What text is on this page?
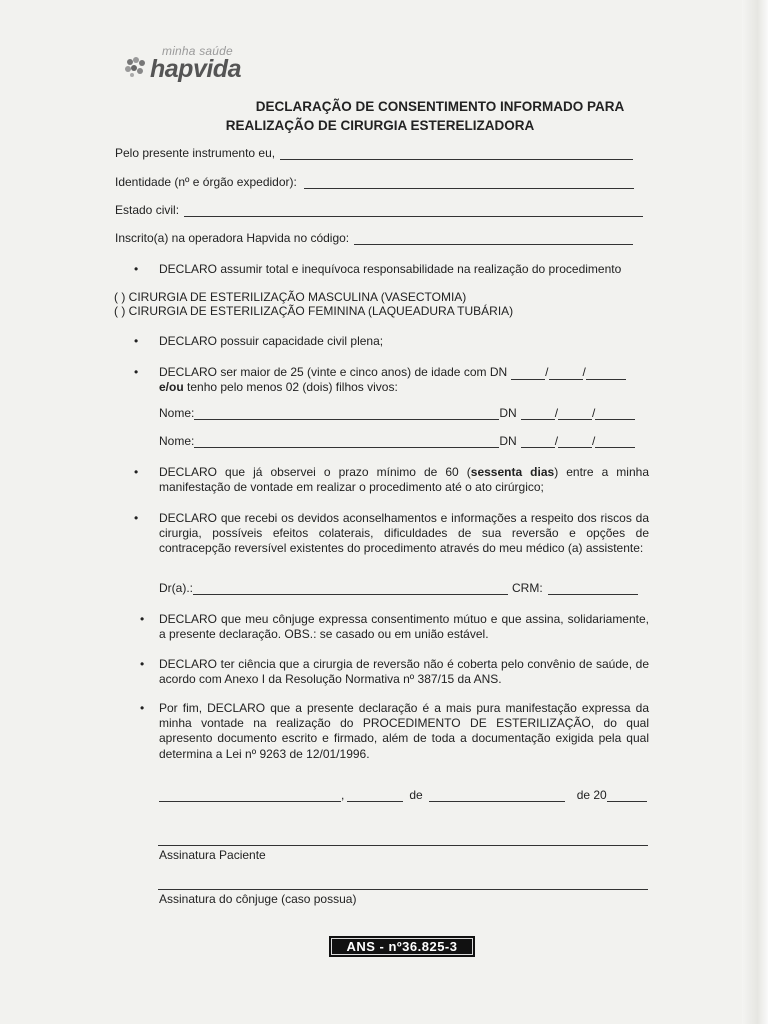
minha saúde
hapvida
DECLARAÇÃO DE CONSENTIMENTO INFORMADO PARA
REALIZAÇÃO DE CIRURGIA ESTERELIZADORA
Pelo presente instrumento eu,
Identidade (nº e órgão expedidor):
Estado civil:
Inscrito(a) na operadora Hapvida no código:
• DECLARO assumir total e inequívoca responsabilidade na realização do procedimento
( ) CIRURGIA DE ESTERILIZAÇÃO MASCULINA (VASECTOMIA)
( ) CIRURGIA DE ESTERILIZAÇÃO FEMININA (LAQUEADURA TUBÁRIA)
• DECLARO possuir capacidade civil plena;
• DECLARO ser maior de 25 (vinte e cinco anos) de idade com DN	/	/
e/ou tenho pelo menos 02 (dois) filhos vivos:
Nome:	DN	/	/
Nome:	DN	/	/
• DECLARO que já observei o prazo mínimo de 60 (sessenta dias) entre a minha manifestação de vontade em realizar o procedimento até o ato cirúrgico;
• DECLARO que recebi os devidos aconselhamentos e informações a respeito dos riscos da cirurgia, possíveis efeitos colaterais, dificuldades de sua reversão e opções de contracepção reversível existentes do procedimento através do meu médico (a) assistente:
Dr(a).:	CRM:
• DECLARO que meu cônjuge expressa consentimento mútuo e que assina, solidariamente, a presente declaração. OBS.: se casado ou em união estável.
• DECLARO ter ciência que a cirurgia de reversão não é coberta pelo convênio de saúde, de acordo com Anexo I da Resolução Normativa nº 387/15 da ANS.
• Por fim, DECLARO que a presente declaração é a mais pura manifestação expressa da minha vontade na realização do PROCEDIMENTO DE ESTERILIZAÇÃO, do qual apresento documento escrito e firmado, além de toda a documentação exigida pela qual determina a Lei nº 9263 de 12/01/1996.
,	de	de 20
Assinatura Paciente
Assinatura do cônjuge (caso possua)
ANS - nº36.825-3
